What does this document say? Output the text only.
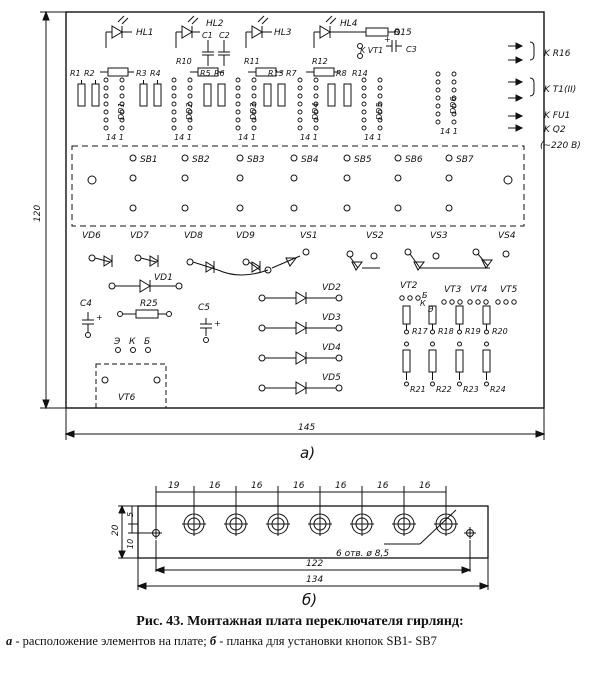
+
+
+
120
145
HL1
HL2
HL3
HL4
C1 C2
C3
R15
K VT1
R1 R2	R3 R4
R10
R5 R6
R11
R13 R7
R12
R8 R14
DD1	DD2	DD3	DD4	DD5	DD6
14 1	14 1	14 1	14 1	14 1
14 1
SB1	SB2	SB3	SB4	SB5	SB6	SB7
K R16
K T1(II)
K FU1
K Q2
(~220 В)
VD6	VD7	VD8	VD9	VS1	VS2	VS3	VS4
VD1
C4	R25	C5
Э К Б
VT6
VD2
VD3
VD4
VD5
VT2	VT3 VT4 VT5
Б
К
Э
R17 R18 R19 R20
R21 R22 R23 R24
а)
19	16	16	16	16	16	16
20
5
10
6 отв. ø 8,5
122
134
б)
Рис. 43. Монтажная плата переключателя гирлянд:
а - расположение элементов на плате; б - планка для установки кнопок SB1- SB7
